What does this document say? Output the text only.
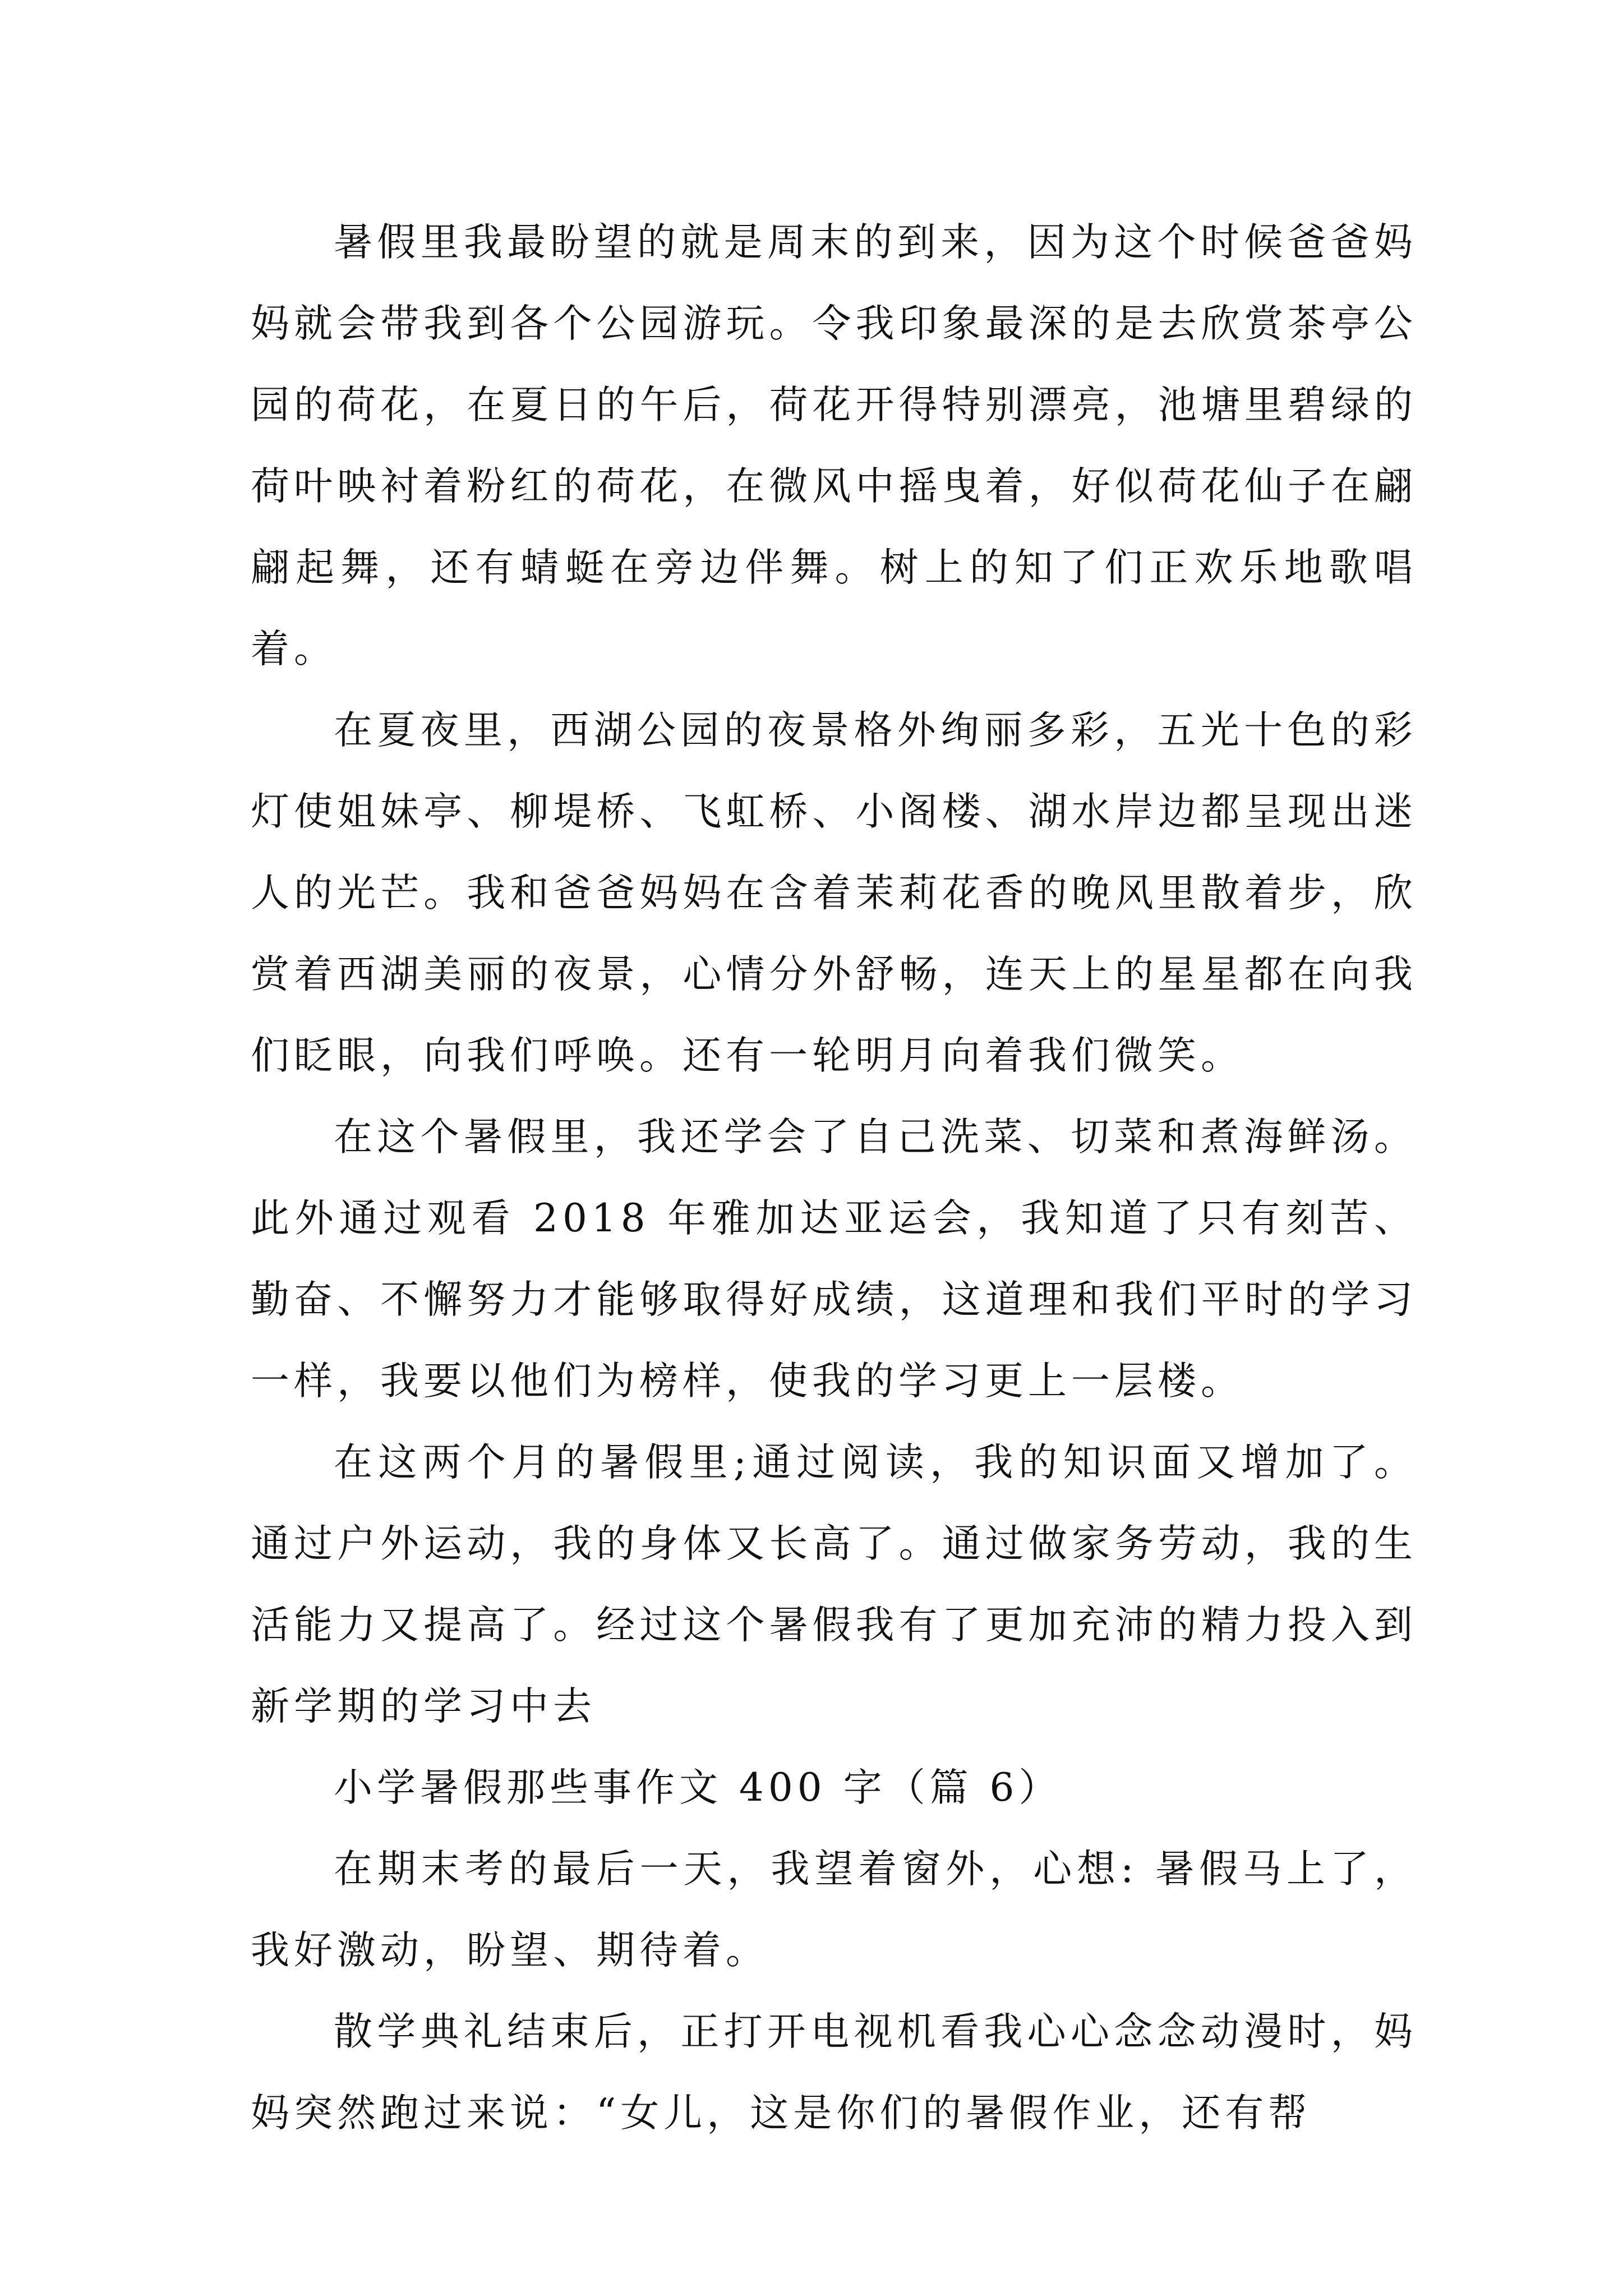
暑假里我最盼望的就是周末的到来，因为这个时候爸爸妈妈就会带我到各个公园游玩。令我印象最深的是去欣赏茶亭公园的荷花，在夏日的午后，荷花开得特别漂亮，池塘里碧绿的荷叶映衬着粉红的荷花，在微风中摇曳着，好似荷花仙子在翩翩起舞，还有蜻蜓在旁边伴舞。树上的知了们正欢乐地歌唱着。

在夏夜里，西湖公园的夜景格外绚丽多彩，五光十色的彩灯使姐妹亭、柳堤桥、飞虹桥、小阁楼、湖水岸边都呈现出迷人的光芒。我和爸爸妈妈在含着茉莉花香的晚风里散着步，欣赏着西湖美丽的夜景，心情分外舒畅，连天上的星星都在向我们眨眼，向我们呼唤。还有一轮明月向着我们微笑。

在这个暑假里，我还学会了自己洗菜、切菜和煮海鲜汤。此外通过观看 2018 年雅加达亚运会，我知道了只有刻苦、勤奋、不懈努力才能够取得好成绩，这道理和我们平时的学习一样，我要以他们为榜样，使我的学习更上一层楼。

在这两个月的暑假里;通过阅读，我的知识面又增加了。通过户外运动，我的身体又长高了。通过做家务劳动，我的生活能力又提高了。经过这个暑假我有了更加充沛的精力投入到新学期的学习中去

小学暑假那些事作文 400 字（篇 6）

在期末考的最后一天，我望着窗外，心想: 暑假马上了，我好激动，盼望、期待着。

散学典礼结束后，正打开电视机看我心心念念动漫时，妈妈突然跑过来说：“女儿，这是你们的暑假作业，还有帮
